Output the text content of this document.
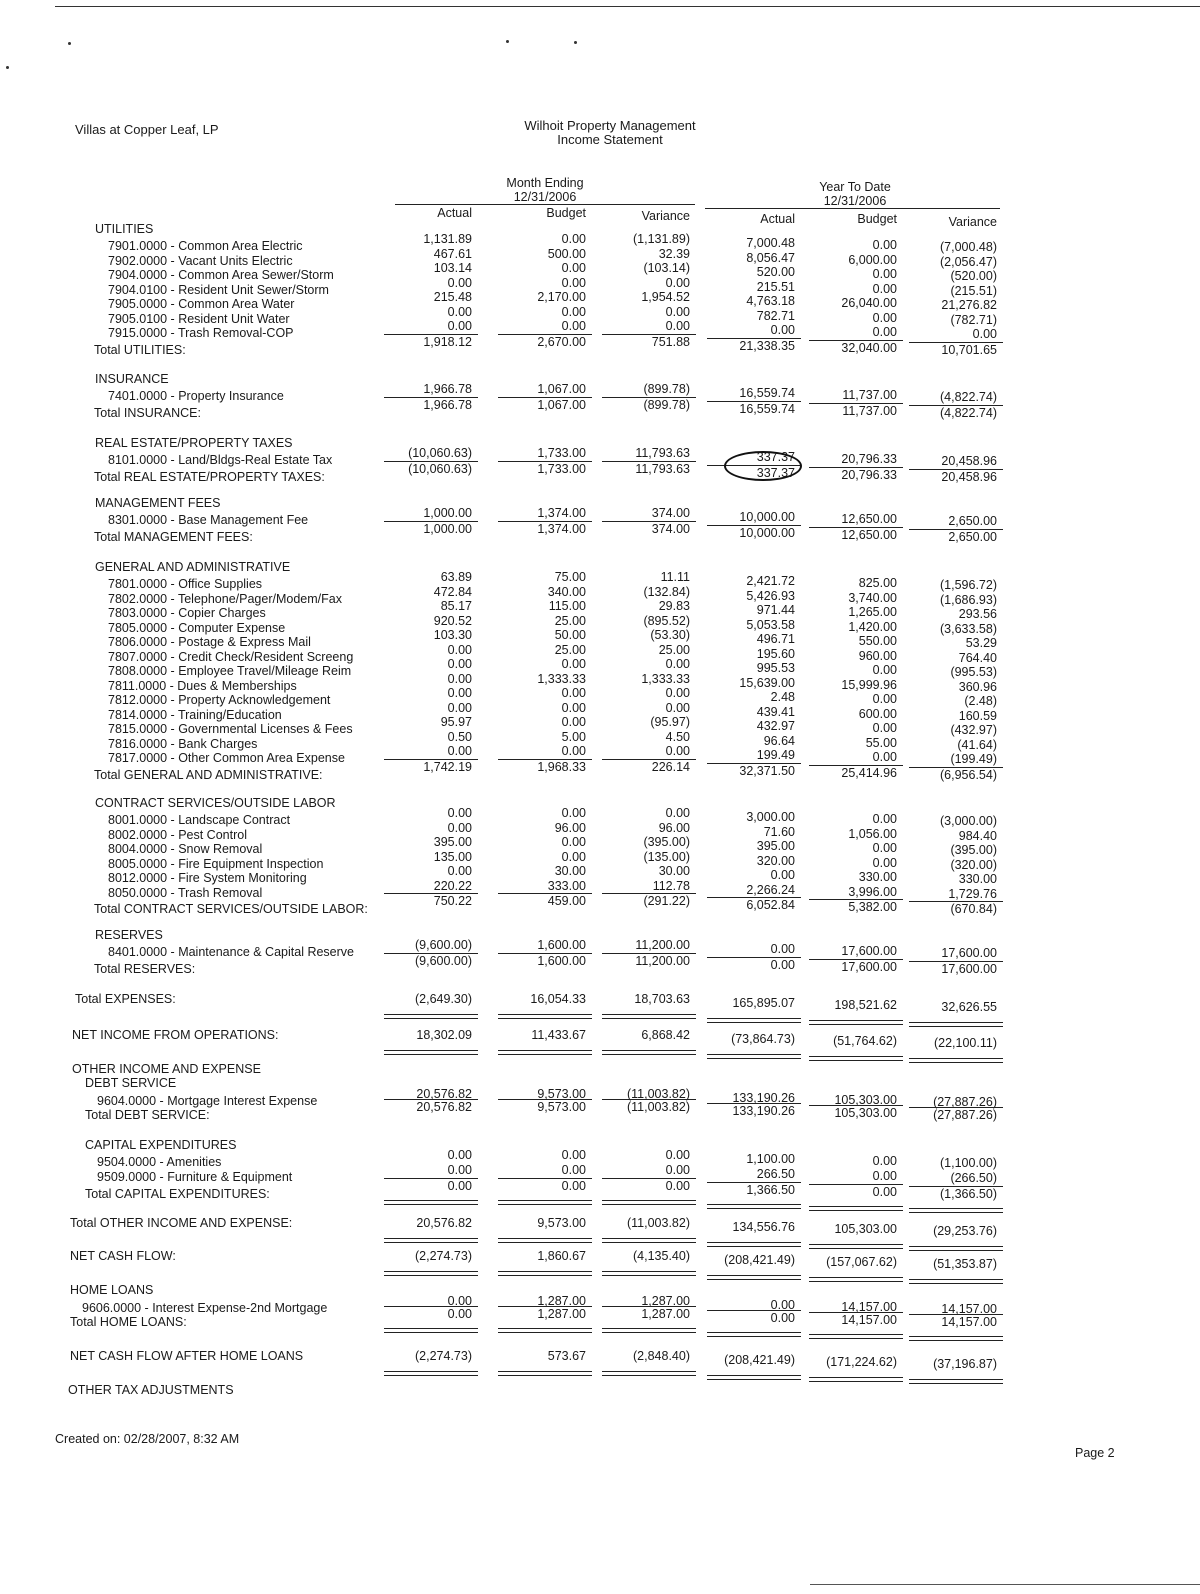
Villas at Copper Leaf, LP	Wilhoit Property Management
Income Statement
Month Ending
12/31/2006
Year To Date
12/31/2006
Actual	Budget	Variance	Actual	Budget	Variance
UTILITIES
7901.0000 - Common Area Electric	1,131.89	0.00	(1,131.89)	7,000.48	0.00	(7,000.48)
7902.0000 - Vacant Units Electric	467.61	500.00	32.39	8,056.47	6,000.00	(2,056.47)
7904.0000 - Common Area Sewer/Storm	103.14	0.00	(103.14)	520.00	0.00	(520.00)
7904.0100 - Resident Unit Sewer/Storm	0.00	0.00	0.00	215.51	0.00	(215.51)
7905.0000 - Common Area Water	215.48	2,170.00	1,954.52	4,763.18	26,040.00	21,276.82
7905.0100 - Resident Unit Water	0.00	0.00	0.00	782.71	0.00	(782.71)
7915.0000 - Trash Removal-COP	0.00	0.00	0.00	0.00	0.00	0.00
Total UTILITIES:
1,918.12	2,670.00	751.88	21,338.35	32,040.00	10,701.65
INSURANCE
7401.0000 - Property Insurance	1,966.78	1,067.00	(899.78)	16,559.74	11,737.00	(4,822.74)
Total INSURANCE:
1,966.78	1,067.00	(899.78)	16,559.74	11,737.00	(4,822.74)
REAL ESTATE/PROPERTY TAXES
8101.0000 - Land/Bldgs-Real Estate Tax	(10,060.63)	1,733.00	11,793.63	337.37	20,796.33	20,458.96
Total REAL ESTATE/PROPERTY TAXES:
(10,060.63)	1,733.00	11,793.63	337.37	20,796.33	20,458.96
MANAGEMENT FEES
8301.0000 - Base Management Fee	1,000.00	1,374.00	374.00	10,000.00	12,650.00	2,650.00
Total MANAGEMENT FEES:
1,000.00	1,374.00	374.00	10,000.00	12,650.00	2,650.00
GENERAL AND ADMINISTRATIVE
7801.0000 - Office Supplies	63.89	75.00	11.11	2,421.72	825.00	(1,596.72)
7802.0000 - Telephone/Pager/Modem/Fax	472.84	340.00	(132.84)	5,426.93	3,740.00	(1,686.93)
7803.0000 - Copier Charges	85.17	115.00	29.83	971.44	1,265.00	293.56
7805.0000 - Computer Expense	920.52	25.00	(895.52)	5,053.58	1,420.00	(3,633.58)
7806.0000 - Postage & Express Mail	103.30	50.00	(53.30)	496.71	550.00	53.29
7807.0000 - Credit Check/Resident Screeng	0.00	25.00	25.00	195.60	960.00	764.40
7808.0000 - Employee Travel/Mileage Reim	0.00	0.00	0.00	995.53	0.00	(995.53)
7811.0000 - Dues & Memberships	0.00	1,333.33	1,333.33	15,639.00	15,999.96	360.96
7812.0000 - Property Acknowledgement	0.00	0.00	0.00	2.48	0.00	(2.48)
7814.0000 - Training/Education	0.00	0.00	0.00	439.41	600.00	160.59
7815.0000 - Governmental Licenses & Fees	95.97	0.00	(95.97)	432.97	0.00	(432.97)
7816.0000 - Bank Charges	0.50	5.00	4.50	96.64	55.00	(41.64)
7817.0000 - Other Common Area Expense	0.00	0.00	0.00	199.49	0.00	(199.49)
Total GENERAL AND ADMINISTRATIVE:
1,742.19	1,968.33	226.14	32,371.50	25,414.96	(6,956.54)
CONTRACT SERVICES/OUTSIDE LABOR
8001.0000 - Landscape Contract	0.00	0.00	0.00	3,000.00	0.00	(3,000.00)
8002.0000 - Pest Control	0.00	96.00	96.00	71.60	1,056.00	984.40
8004.0000 - Snow Removal	395.00	0.00	(395.00)	395.00	0.00	(395.00)
8005.0000 - Fire Equipment Inspection	135.00	0.00	(135.00)	320.00	0.00	(320.00)
8012.0000 - Fire System Monitoring	0.00	30.00	30.00	0.00	330.00	330.00
8050.0000 - Trash Removal	220.22	333.00	112.78	2,266.24	3,996.00	1,729.76
Total CONTRACT SERVICES/OUTSIDE LABOR:
750.22	459.00	(291.22)	6,052.84	5,382.00	(670.84)
RESERVES
8401.0000 - Maintenance & Capital Reserve	(9,600.00)	1,600.00	11,200.00	0.00	17,600.00	17,600.00
Total RESERVES:
(9,600.00)	1,600.00	11,200.00	0.00	17,600.00	17,600.00
Total EXPENSES:	(2,649.30)	16,054.33	18,703.63	165,895.07	198,521.62	32,626.55
NET INCOME FROM OPERATIONS:	18,302.09	11,433.67	6,868.42	(73,864.73)	(51,764.62)	(22,100.11)
OTHER INCOME AND EXPENSE
DEBT SERVICE
9604.0000 - Mortgage Interest Expense	20,576.82	9,573.00	(11,003.82)	133,190.26	105,303.00	(27,887.26)
Total DEBT SERVICE:
20,576.82	9,573.00	(11,003.82)	133,190.26	105,303.00	(27,887.26)
CAPITAL EXPENDITURES
9504.0000 - Amenities	0.00	0.00	0.00	1,100.00	0.00	(1,100.00)
9509.0000 - Furniture & Equipment	0.00	0.00	0.00	266.50	0.00	(266.50)
Total CAPITAL EXPENDITURES:
0.00	0.00	0.00	1,366.50	0.00	(1,366.50)
Total OTHER INCOME AND EXPENSE:	20,576.82	9,573.00	(11,003.82)	134,556.76	105,303.00	(29,253.76)
NET CASH FLOW:	(2,274.73)	1,860.67	(4,135.40)	(208,421.49)	(157,067.62)	(51,353.87)
HOME LOANS
9606.0000 - Interest Expense-2nd Mortgage	0.00	1,287.00	1,287.00	0.00	14,157.00	14,157.00
Total HOME LOANS:
0.00	1,287.00	1,287.00	0.00	14,157.00	14,157.00
NET CASH FLOW AFTER HOME LOANS	(2,274.73)	573.67	(2,848.40)	(208,421.49)	(171,224.62)	(37,196.87)
OTHER TAX ADJUSTMENTS
Created on: 02/28/2007, 8:32 AM
Page 2
